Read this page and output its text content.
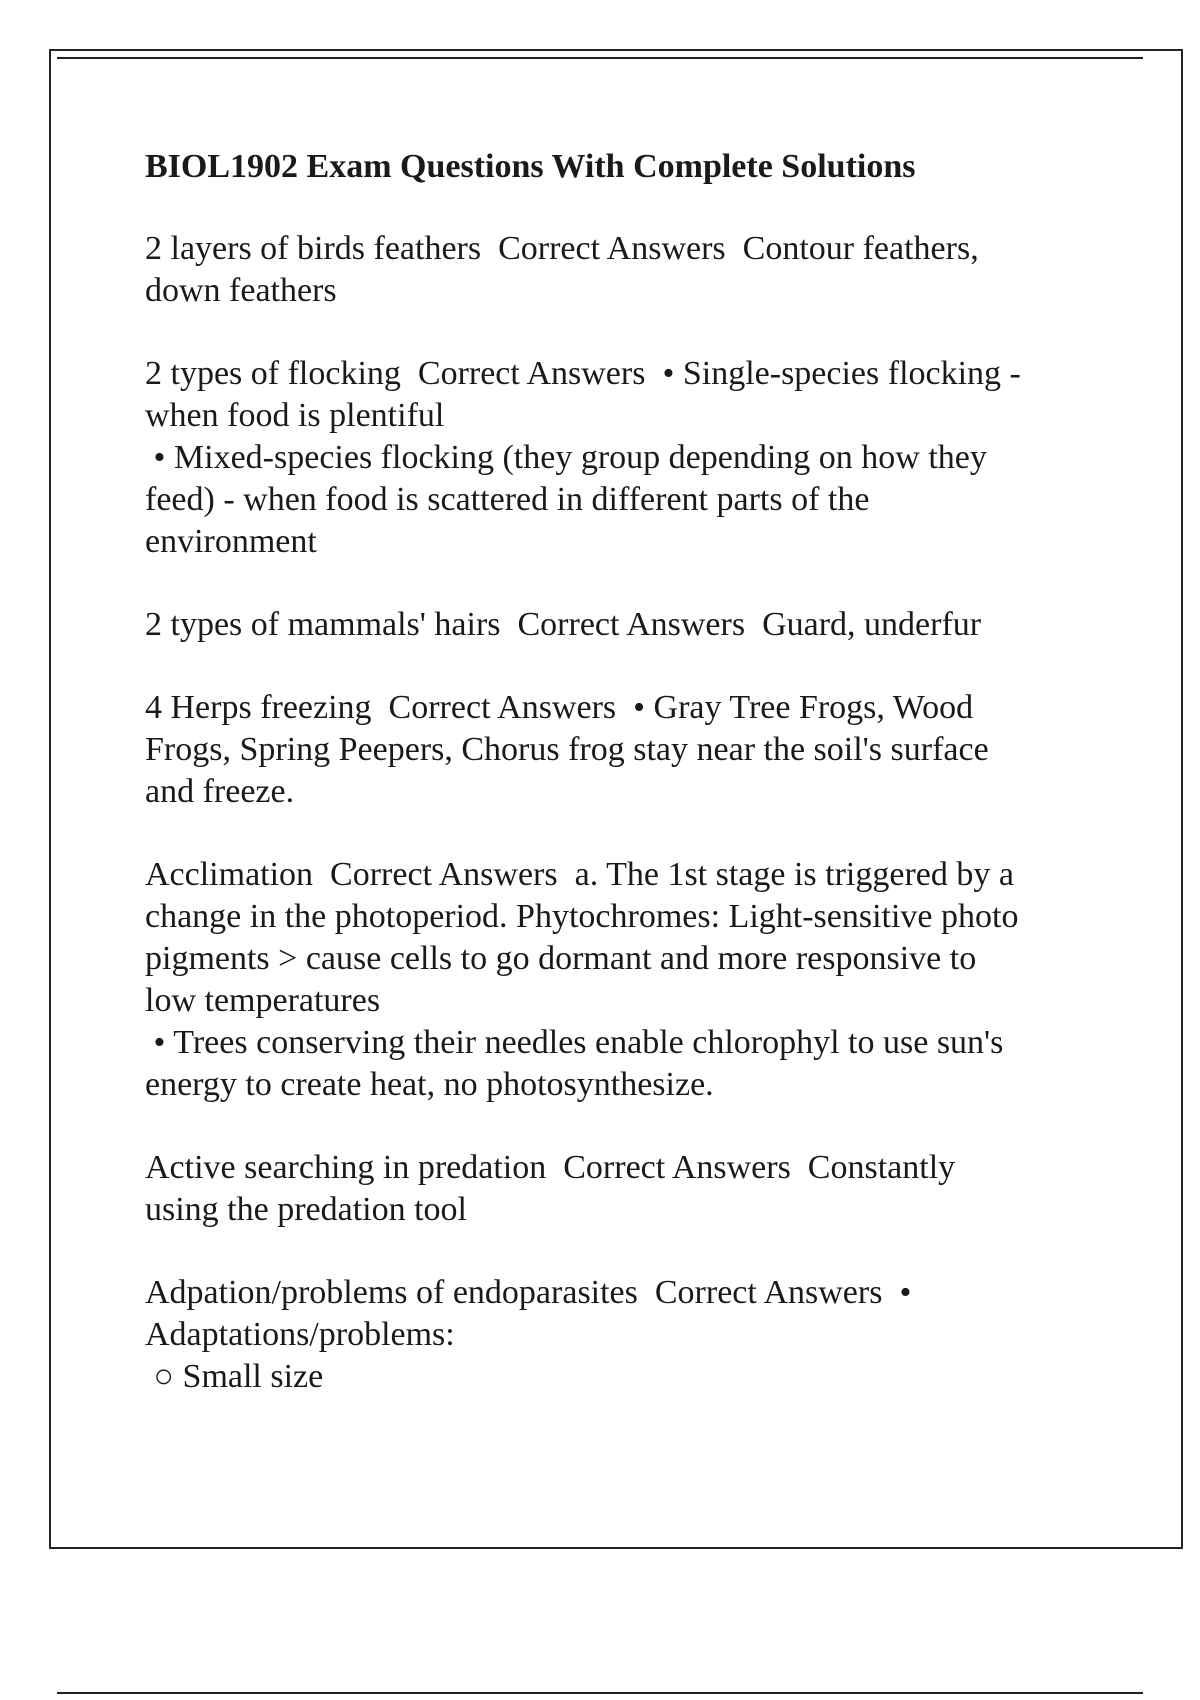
BIOL1902 Exam Questions With Complete Solutions
2 layers of birds feathers  Correct Answers  Contour feathers,
down feathers
2 types of flocking  Correct Answers  • Single-species flocking -
when food is plentiful
• Mixed-species flocking (they group depending on how they
feed) - when food is scattered in different parts of the
environment
2 types of mammals' hairs  Correct Answers  Guard, underfur
4 Herps freezing  Correct Answers  • Gray Tree Frogs, Wood
Frogs, Spring Peepers, Chorus frog stay near the soil's surface
and freeze.
Acclimation  Correct Answers  a. The 1st stage is triggered by a
change in the photoperiod. Phytochromes: Light-sensitive photo
pigments > cause cells to go dormant and more responsive to
low temperatures
• Trees conserving their needles enable chlorophyl to use sun's
energy to create heat, no photosynthesize.
Active searching in predation  Correct Answers  Constantly
using the predation tool
Adpation/problems of endoparasites  Correct Answers  •
Adaptations/problems:
○ Small size
